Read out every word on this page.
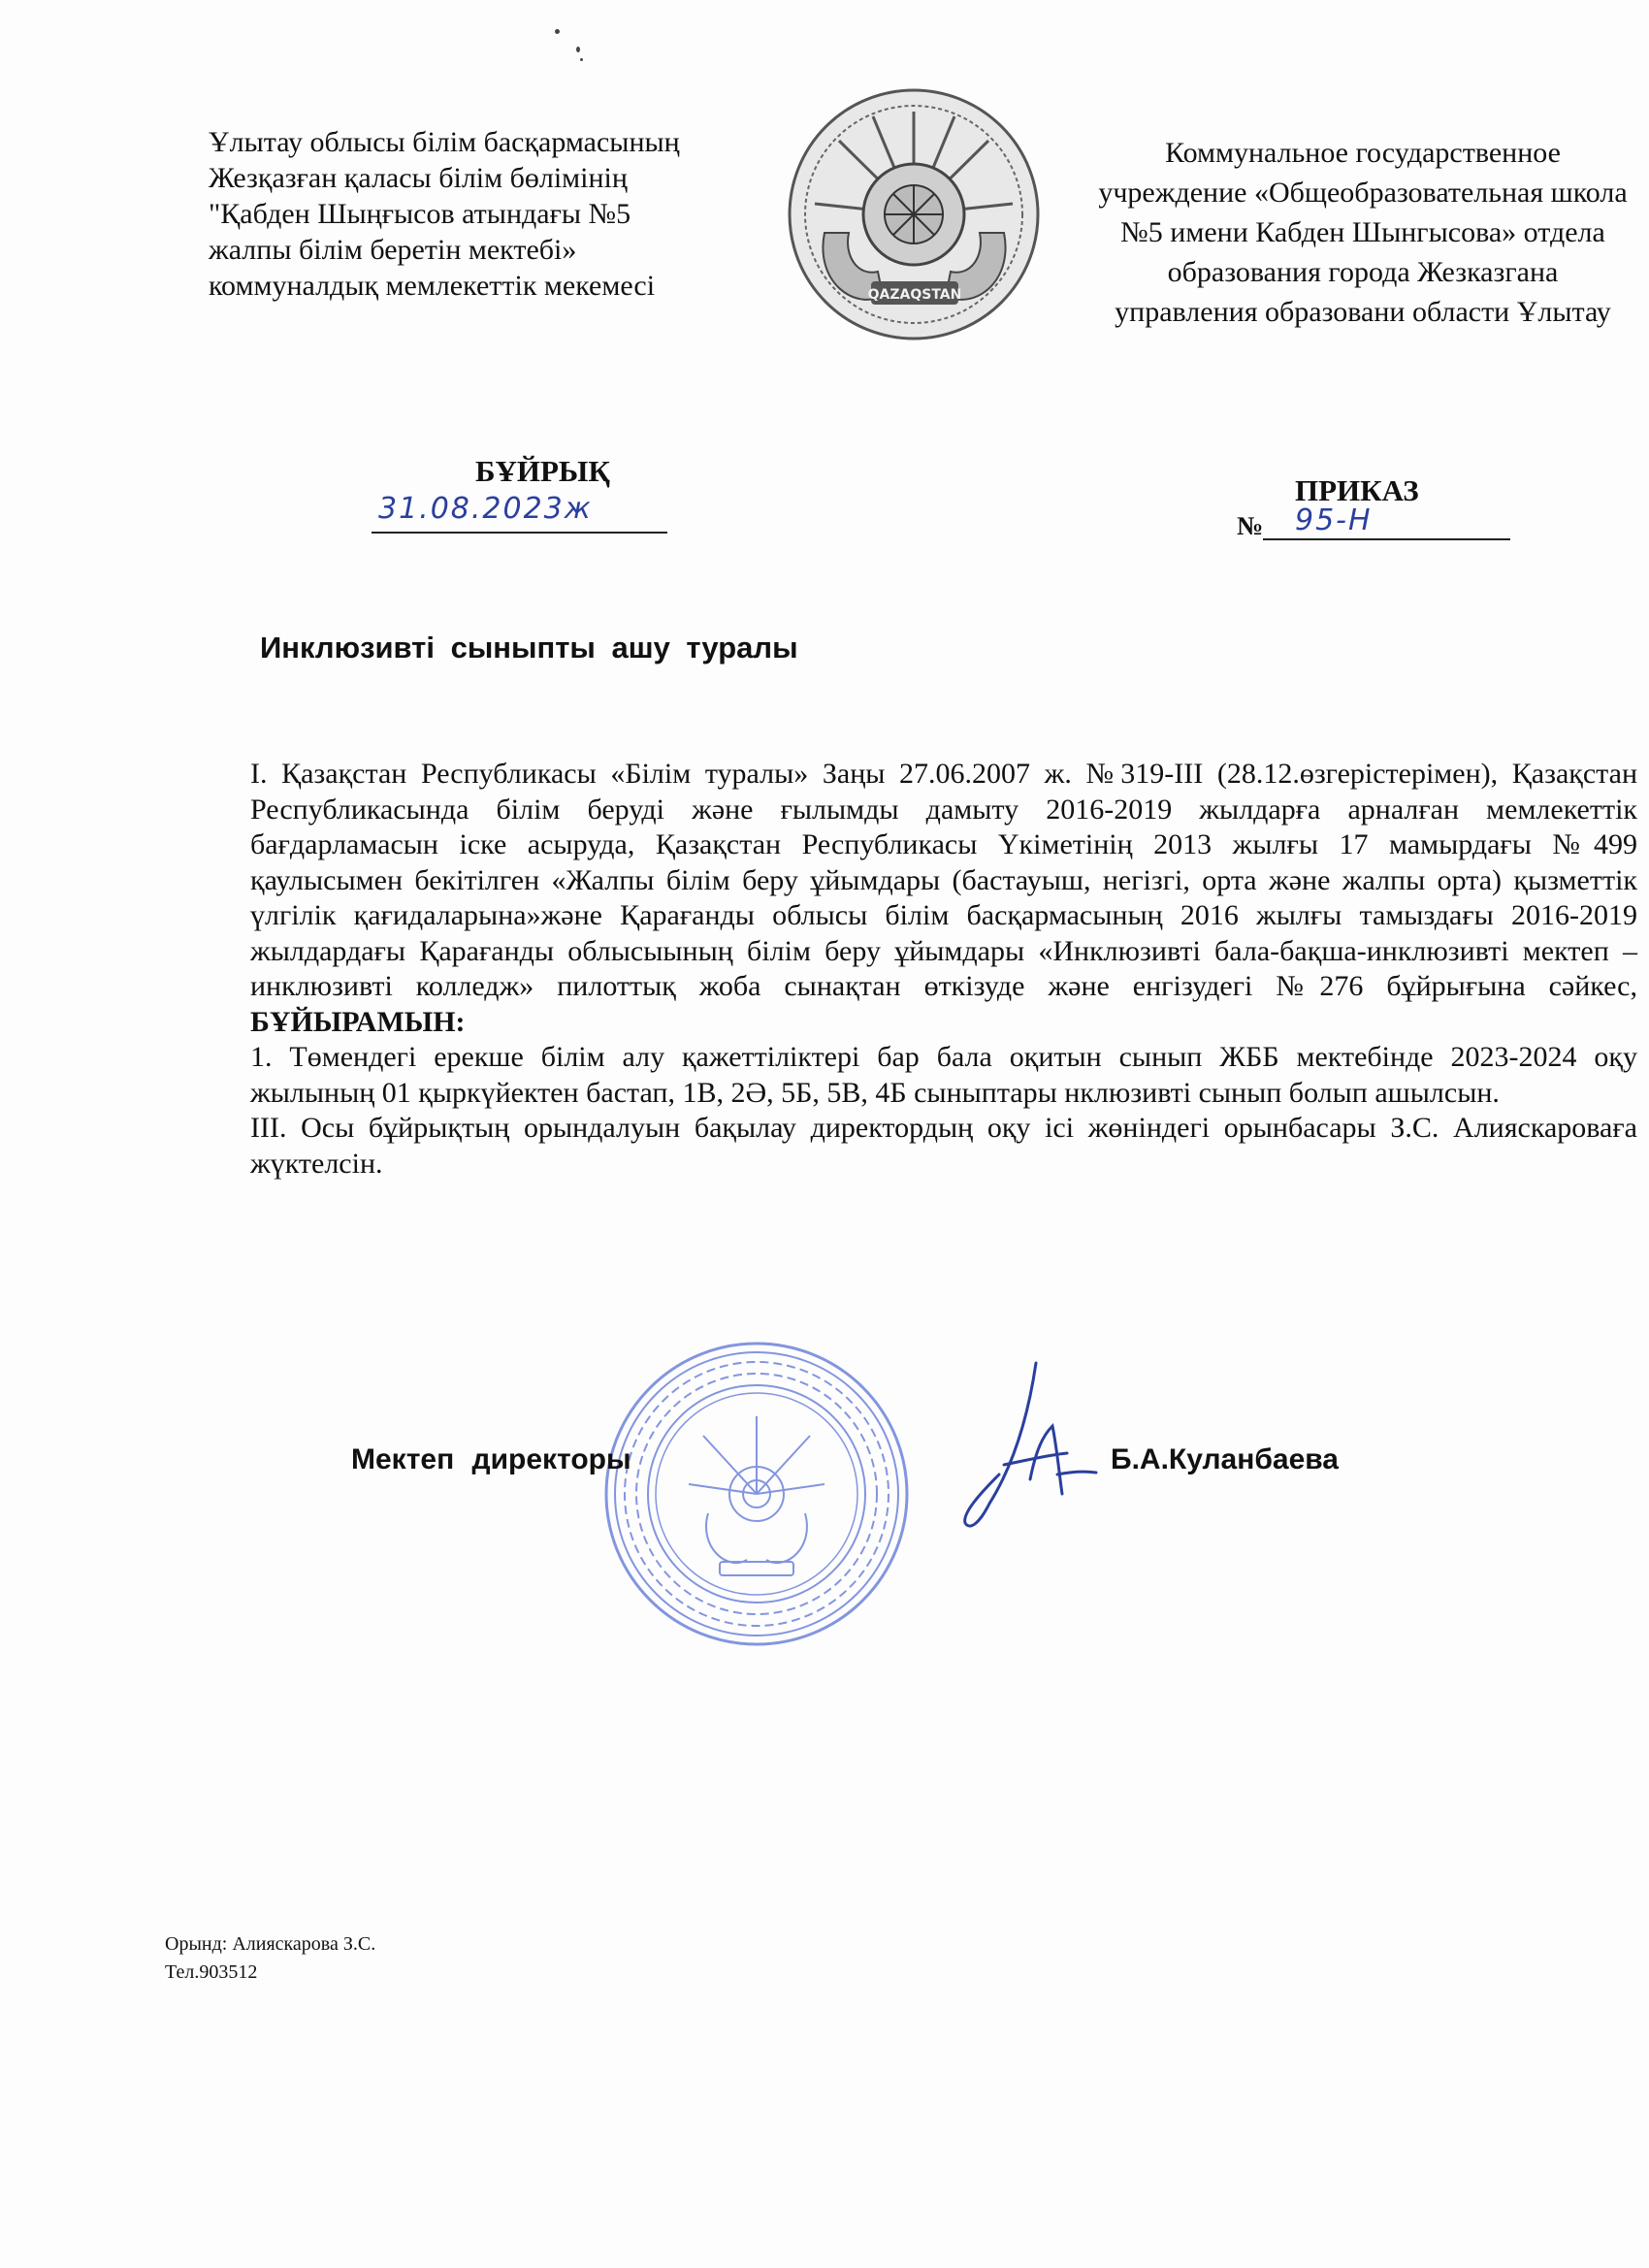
Ұлытау облысы білім басқармасының
Жезқазған қаласы білім бөлімінің
"Қабден Шыңғысов атындағы №5
жалпы білім беретін мектебі»
коммуналдық мемлекеттік мекемесі	QAZAQSTAN
Коммунальное государственное
учреждение «Общеобразовательная школа
№5 имени Кабден Шынгысова» отдела
образования города Жезказгана
управления образовани области Ұлытау
БҰЙРЫҚ
ПРИКАЗ
31.08.2023ж	№ 95-Н
Инклюзивті сыныпты ашу туралы

I. Қазақстан Республикасы «Білім туралы» Заңы 27.06.2007 ж. №319-III (28.12.өзгерістерімен), Қазақстан Республикасында білім беруді және ғылымды дамыту 2016-2019 жылдарға арналған мемлекеттік бағдарламасын іске асыруда, Қазақстан Республикасы Үкіметінің 2013 жылғы 17 мамырдағы №499 қаулысымен бекітілген «Жалпы білім беру ұйымдары (бастауыш, негізгі, орта және жалпы орта) қызметтік үлгілік қағидаларына»және Қарағанды облысы білім басқармасының 2016 жылғы тамыздағы 2016-2019 жылдардағы Қарағанды облысыының білім беру ұйымдары «Инклюзивті бала-бақша-инклюзивті мектеп – инклюзивті колледж» пилоттық жоба сынақтан өткізуде және енгізудегі №276 бұйрығына сәйкес, БҰЙЫРАМЫН:

1. Төмендегі ерекше білім алу қажеттіліктері бар бала оқитын сынып ЖББ мектебінде 2023-2024 оқу жылының 01 қыркүйектен бастап, 1В, 2Ә, 5Б, 5В, 4Б сыныптары нклюзивті сынып болып ашылсын.

III. Осы бұйрықтың орындалуын бақылау директордың оқу ісі жөніндегі орынбасары З.С. Алияскароваға жүктелсін.

Мектеп директоры	Б.А.Куланбаева
Орынд: Алияскарова З.С.
Тел.903512
